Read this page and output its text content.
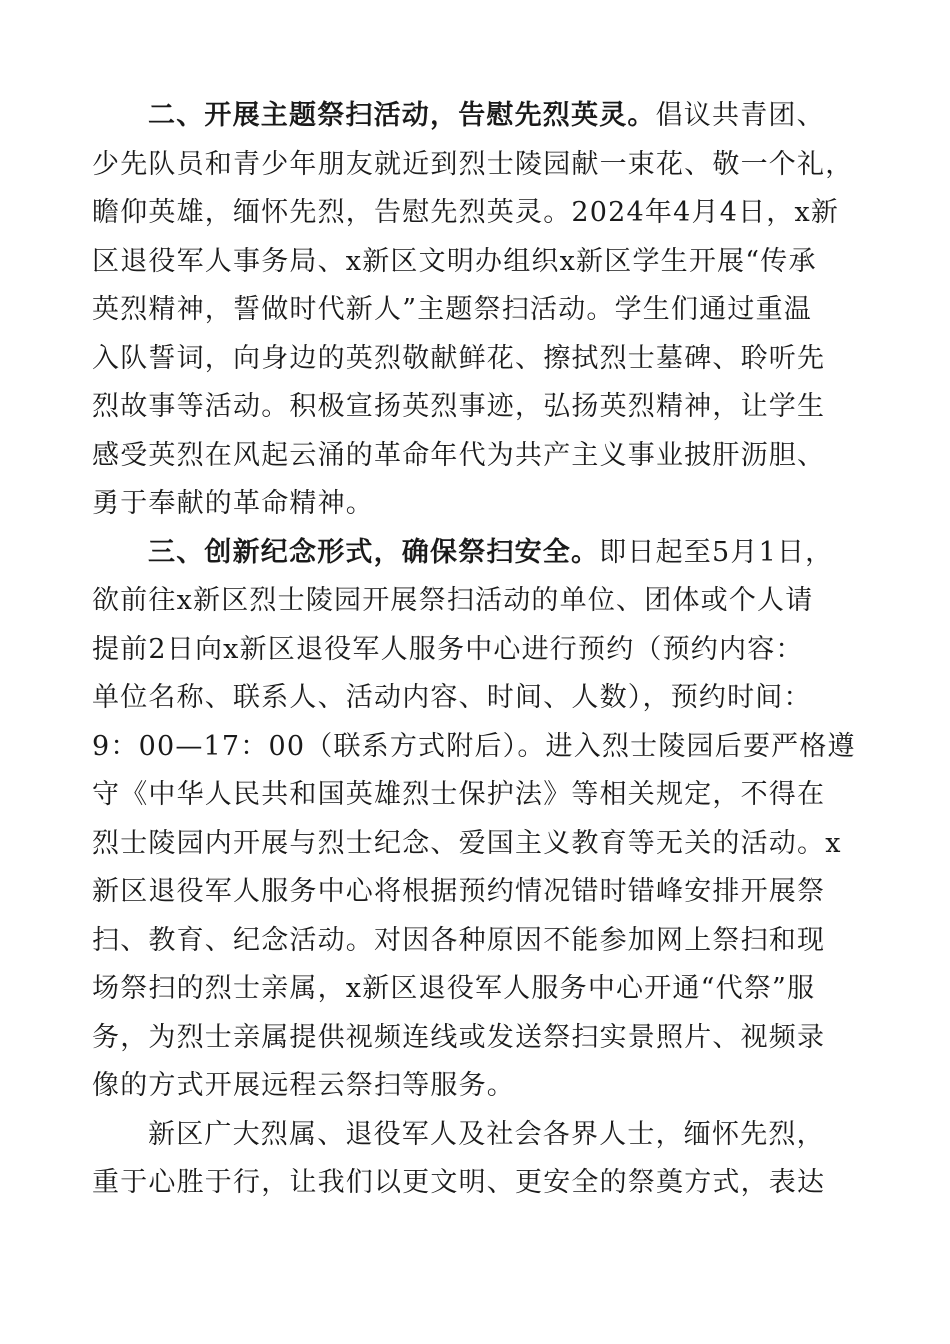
二、开展主题祭扫活动，告慰先烈英灵。倡议共青团、
少先队员和青少年朋友就近到烈士陵园献一束花、敬一个礼，
瞻仰英雄，缅怀先烈，告慰先烈英灵。2024年4月4日，x新
区退役军人事务局、x新区文明办组织x新区学生开展“传承
英烈精神，誓做时代新人”主题祭扫活动。学生们通过重温
入队誓词，向身边的英烈敬献鲜花、擦拭烈士墓碑、聆听先
烈故事等活动。积极宣扬英烈事迹，弘扬英烈精神，让学生
感受英烈在风起云涌的革命年代为共产主义事业披肝沥胆、
勇于奉献的革命精神。
三、创新纪念形式，确保祭扫安全。即日起至5月1日，
欲前往x新区烈士陵园开展祭扫活动的单位、团体或个人请
提前2日向x新区退役军人服务中心进行预约（预约内容：
单位名称、联系人、活动内容、时间、人数），预约时间：
9：00—17：00（联系方式附后）。进入烈士陵园后要严格遵
守《中华人民共和国英雄烈士保护法》等相关规定，不得在
烈士陵园内开展与烈士纪念、爱国主义教育等无关的活动。x
新区退役军人服务中心将根据预约情况错时错峰安排开展祭
扫、教育、纪念活动。对因各种原因不能参加网上祭扫和现
场祭扫的烈士亲属，x新区退役军人服务中心开通“代祭”服
务，为烈士亲属提供视频连线或发送祭扫实景照片、视频录
像的方式开展远程云祭扫等服务。
新区广大烈属、退役军人及社会各界人士，缅怀先烈，
重于心胜于行，让我们以更文明、更安全的祭奠方式，表达
